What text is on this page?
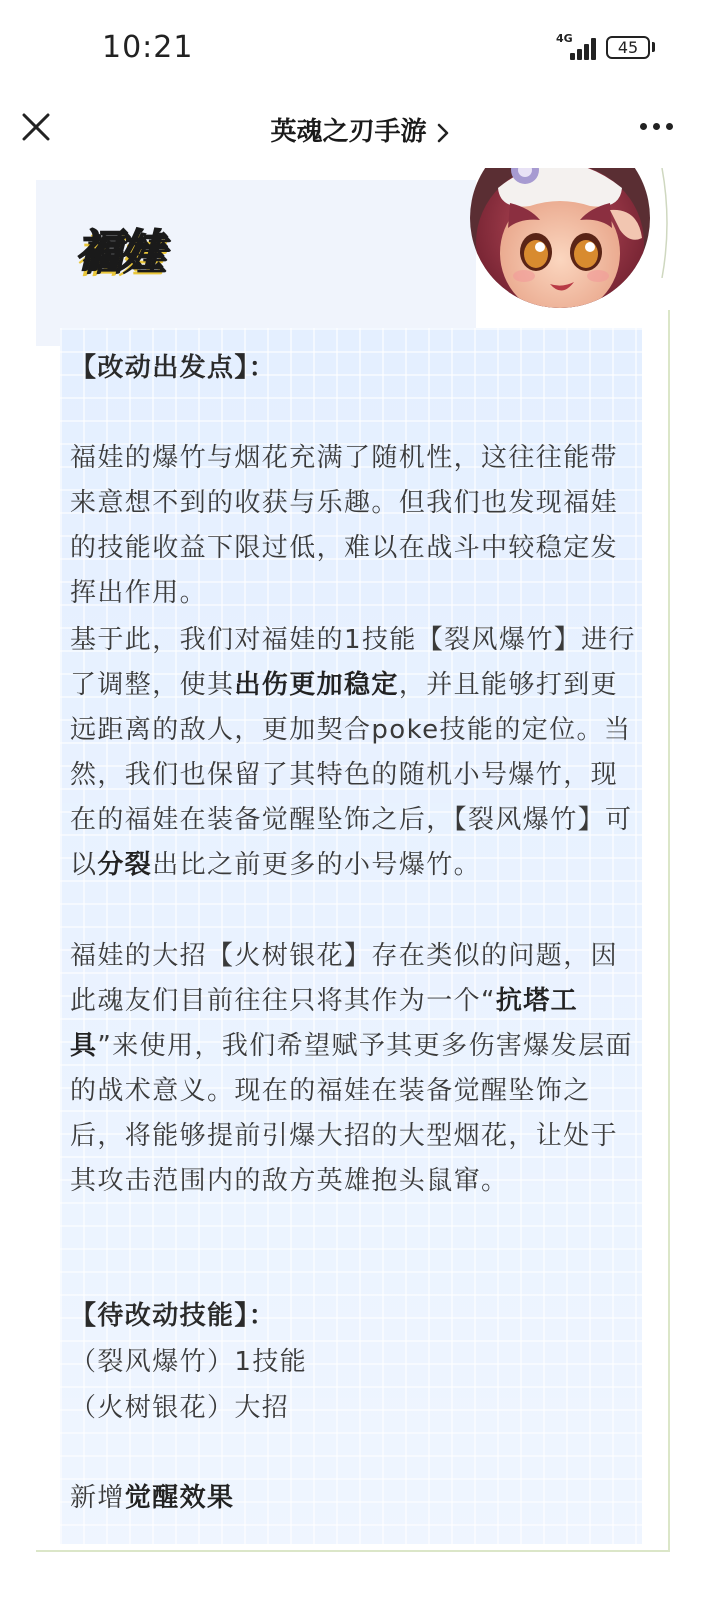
10:21	4G	45
英魂之刃手游
福娃
【改动出发点】：
福娃的爆竹与烟花充满了随机性，这往往能带来意想不到的收获与乐趣。但我们也发现福娃的技能收益下限过低，难以在战斗中较稳定发挥出作用。
基于此，我们对福娃的1技能【裂风爆竹】进行了调整，使其出伤更加稳定，并且能够打到更远距离的敌人，更加契合poke技能的定位。当然，我们也保留了其特色的随机小号爆竹，现在的福娃在装备觉醒坠饰之后，【裂风爆竹】可以分裂出比之前更多的小号爆竹。
福娃的大招【火树银花】存在类似的问题，因此魂友们目前往往只将其作为一个“抗塔工具”来使用，我们希望赋予其更多伤害爆发层面的战术意义。现在的福娃在装备觉醒坠饰之后，将能够提前引爆大招的大型烟花，让处于其攻击范围内的敌方英雄抱头鼠窜。
【待改动技能】：
（裂风爆竹）1技能
（火树银花）大招
新增觉醒效果
